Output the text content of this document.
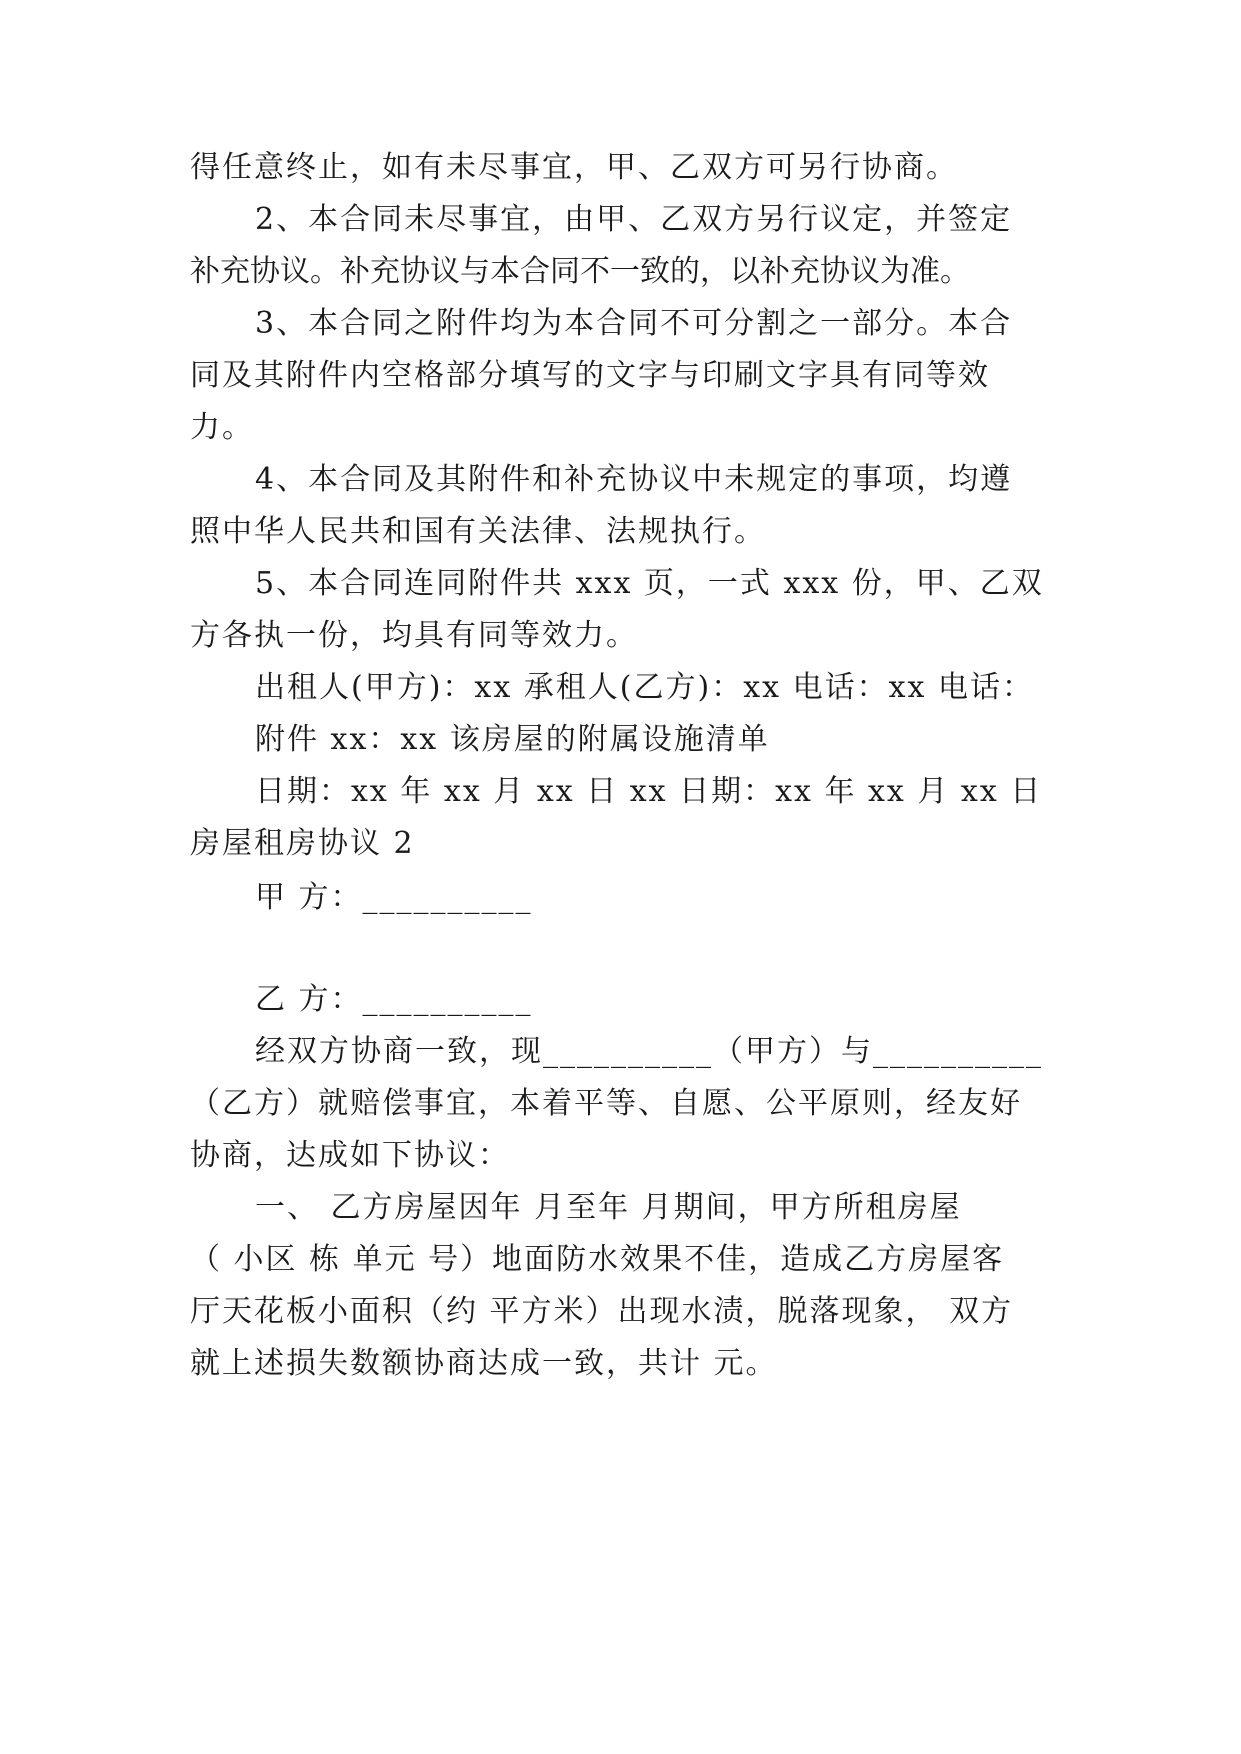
得任意终止，如有未尽事宜，甲、乙双方可另行协商。
2、本合同未尽事宜，由甲、乙双方另行议定，并签定
补充协议。补充协议与本合同不一致的，以补充协议为准。
3、本合同之附件均为本合同不可分割之一部分。本合
同及其附件内空格部分填写的文字与印刷文字具有同等效
力。
4、本合同及其附件和补充协议中未规定的事项，均遵
照中华人民共和国有关法律、法规执行。
5、本合同连同附件共 xxx 页，一式 xxx 份，甲、乙双
方各执一份，均具有同等效力。
出租人(甲方)：xx 承租人(乙方)：xx 电话：xx 电话：
附件 xx：xx 该房屋的附属设施清单
日期：xx 年 xx 月 xx 日 xx 日期：xx 年 xx 月 xx 日
房屋租房协议 2
甲 方：__________
乙 方：__________
经双方协商一致，现__________（甲方）与__________
（乙方）就赔偿事宜，本着平等、自愿、公平原则，经友好
协商，达成如下协议：
一、 乙方房屋因年 月至年 月期间，甲方所租房屋
（ 小区 栋 单元 号）地面防水效果不佳，造成乙方房屋客
厅天花板小面积（约 平方米）出现水渍，脱落现象， 双方
就上述损失数额协商达成一致，共计 元。
